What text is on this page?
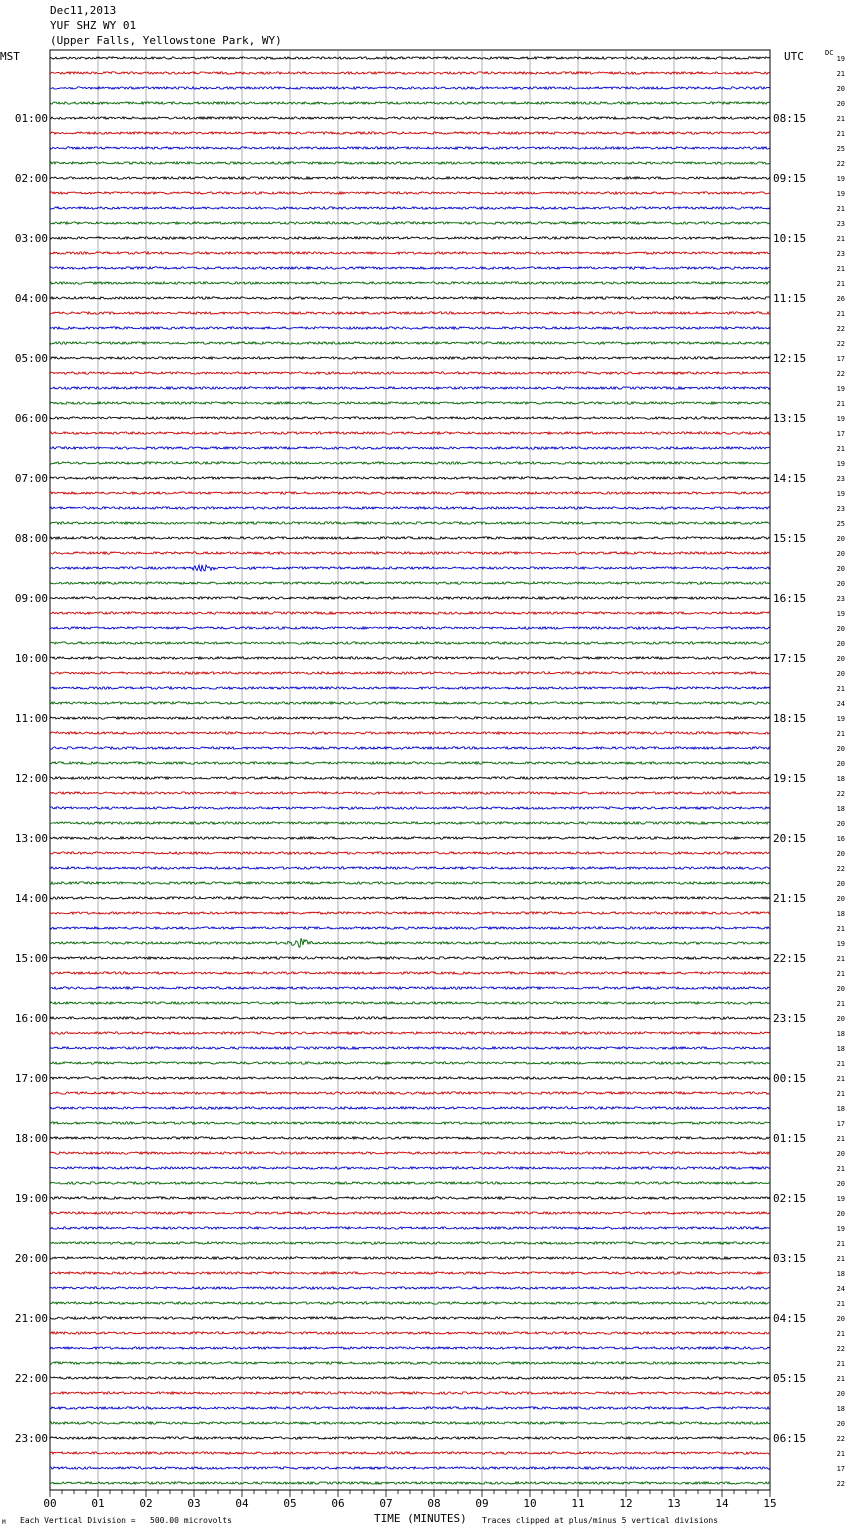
00	01	02	03	04	05	06	07	08	09	10	11	12	13	14	15
01:00
02:00
03:00
04:00
05:00
06:00
07:00
08:00
09:00
10:00
11:00
12:00
13:00
14:00
15:00
16:00
17:00
18:00
19:00
20:00
21:00
22:00
23:00
08:15
09:15
10:15
11:15
12:15
13:15
14:15
15:15
16:15
17:15
18:15
19:15
20:15
21:15
22:15
23:15
00:15
01:15
02:15
03:15
04:15
05:15
06:15
19
21
20
20
21
21
25
22
19
19
21
23
21
23
21
21
26
21
22
22
17
22
19
21
19
17
21
19
23
19
23
25
20
20
20
20
23
19
20
20
20
20
21
24
19
21
20
20
18
22
18
20
16
20
22
20
20
18
21
19
21
21
20
21
20
18
18
21
21
21
18
17
21
20
21
20
19
20
19
21
21
18
24
21
20
21
22
21
21
20
18
20
22
21
17
22
Dec11,2013
YUF SHZ WY 01
(Upper Falls, Yellowstone Park, WY)
MST	UTC	DC
TIME (MINUTES)
Each Vertical Division =   500.00 microvolts	Traces clipped at plus/minus 5 vertical divisions
M
